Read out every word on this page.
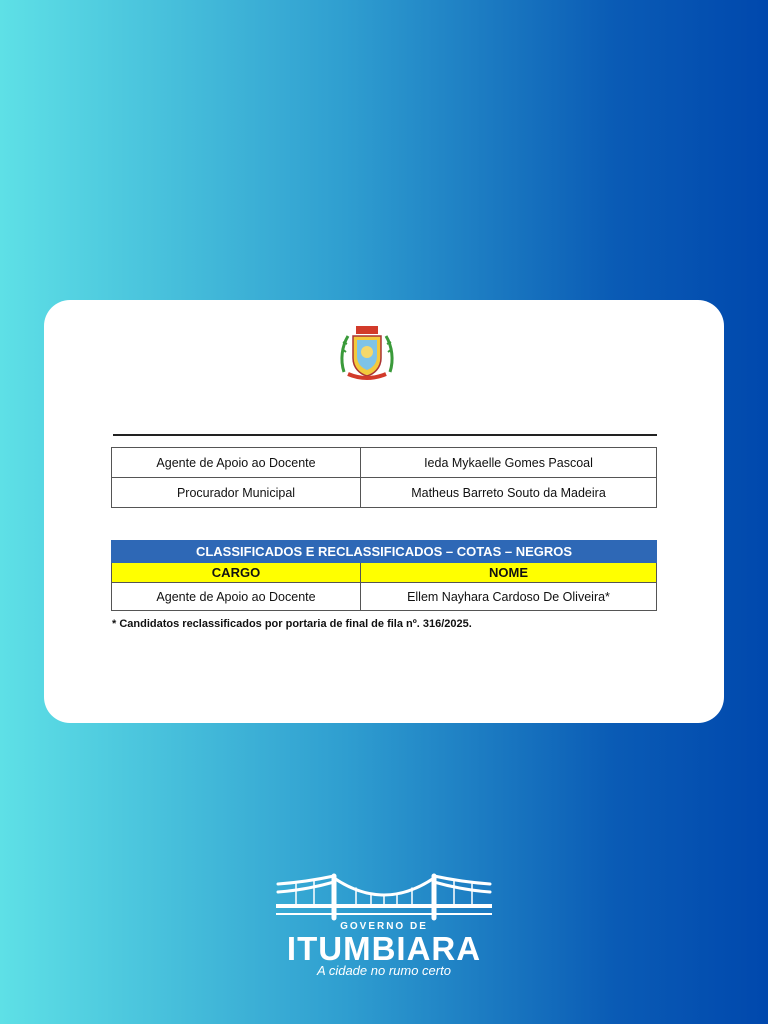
Agente de Apoio ao Docente	Ieda Mykaelle Gomes Pascoal
Procurador Municipal	Matheus Barreto Souto da Madeira
CLASSIFICADOS E RECLASSIFICADOS – COTAS – NEGROS	
CARGO	NOME
Agente de Apoio ao Docente	Ellem Nayhara Cardoso De Oliveira*
* Candidatos reclassificados por portaria de final de fila nº. 316/2025.
GOVERNO DE
ITUMBIARA
A cidade no rumo certo
